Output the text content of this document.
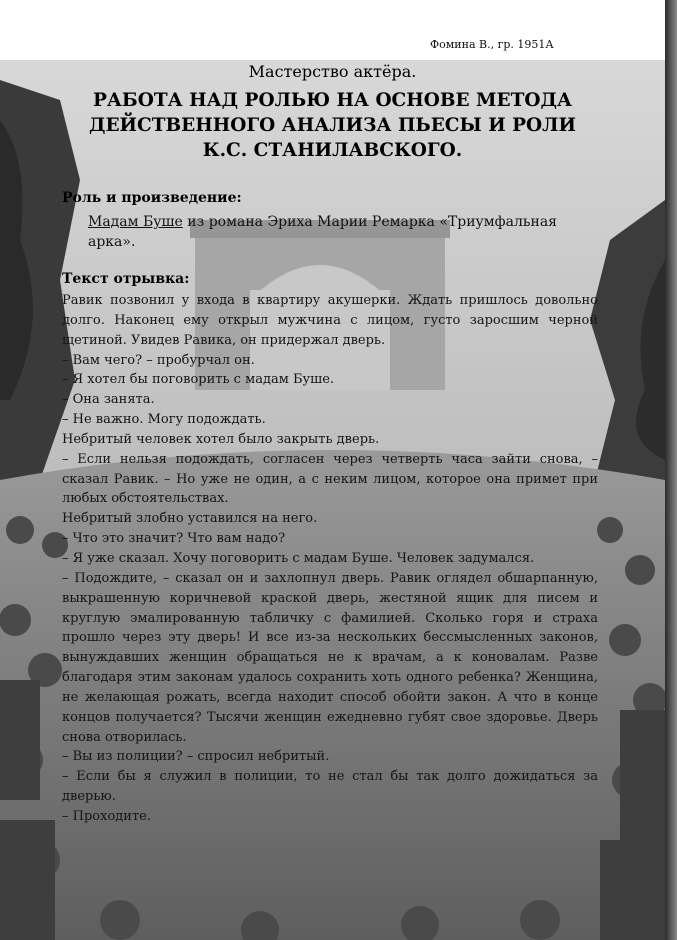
Фомина В., гр. 1951А
Мастерство актёра.
РАБОТА НАД РОЛЬЮ НА ОСНОВЕ МЕТОДА
ДЕЙСТВЕННОГО АНАЛИЗА ПЬЕСЫ И РОЛИ
К.С. СТАНИЛАВСКОГО.
Роль и произведение:
Мадам Буше из романа Эриха Марии Ремарка «Триумфальная арка».
Текст отрывка:

Равик позвонил у входа в квартиру акушерки. Ждать пришлось довольно долго. Наконец ему открыл мужчина с лицом, густо заросшим черной щетиной. Увидев Равика, он придержал дверь.

– Вам чего? – пробурчал он.

– Я хотел бы поговорить с мадам Буше.

– Она занята.

– Не важно. Могу подождать.

Небритый человек хотел было закрыть дверь.

– Если нельзя подождать, согласен через четверть часа зайти снова, – сказал Равик. – Но уже не один, а с неким лицом, которое она примет при любых обстоятельствах.

Небритый злобно уставился на него.

– Что это значит? Что вам надо?

– Я уже сказал. Хочу поговорить с мадам Буше. Человек задумался.

– Подождите, – сказал он и захлопнул дверь. Равик оглядел обшарпанную, выкрашенную коричневой краской дверь, жестяной ящик для писем и круглую эмалированную табличку с фамилией. Сколько горя и страха прошло через эту дверь! И все из-за нескольких бессмысленных законов, вынуждавших женщин обращаться не к врачам, а к коновалам. Разве благодаря этим законам удалось сохранить хоть одного ребенка? Женщина, не желающая рожать, всегда находит способ обойти закон. А что в конце концов получается? Тысячи женщин ежедневно губят свое здоровье. Дверь снова отворилась.

– Вы из полиции? – спросил небритый.

– Если бы я служил в полиции, то не стал бы так долго дожидаться за дверью.

– Проходите.
